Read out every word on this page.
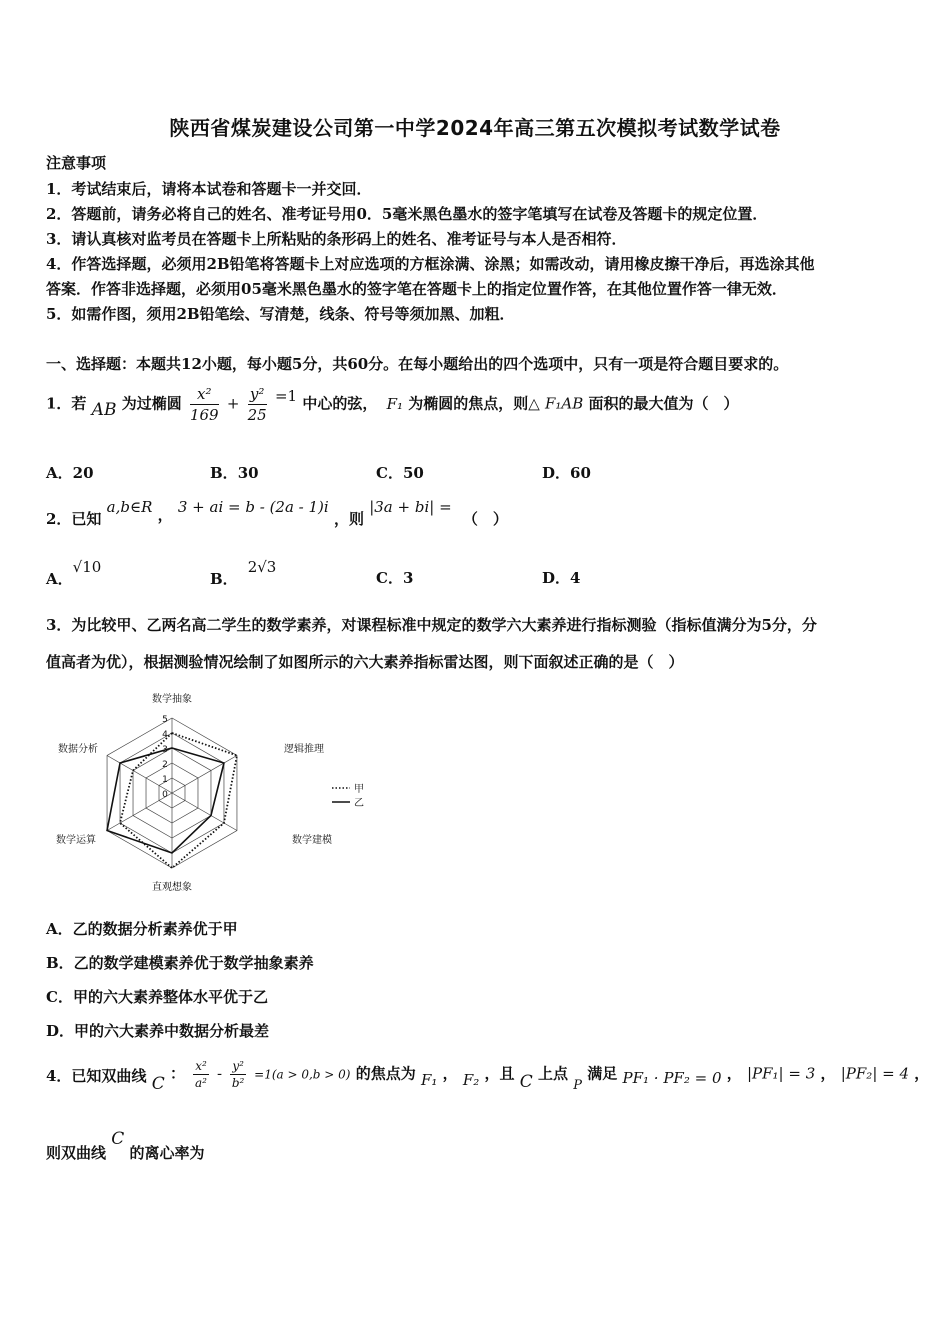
陕西省煤炭建设公司第一中学2024年高三第五次模拟考试数学试卷
注意事项
1．考试结束后，请将本试卷和答题卡一并交回．
2．答题前，请务必将自己的姓名、准考证号用0．5毫米黑色墨水的签字笔填写在试卷及答题卡的规定位置．
3．请认真核对监考员在答题卡上所粘贴的条形码上的姓名、准考证号与本人是否相符．
4．作答选择题，必须用2B铅笔将答题卡上对应选项的方框涂满、涂黑；如需改动，请用橡皮擦干净后，再选涂其他
答案．作答非选择题，必须用05毫米黑色墨水的签字笔在答题卡上的指定位置作答，在其他位置作答一律无效．
5．如需作图，须用2B铅笔绘、写清楚，线条、符号等须加黑、加粗．
一、选择题：本题共12小题，每小题5分，共60分。在每小题给出的四个选项中，只有一项是符合题目要求的。
1．若 AB 为过椭圆 $\frac{\text{x²}}{169} + \frac{\text{y²}}{25} =1$ 中心的弦， F₁ 为椭圆的焦点，则△ F₁AB 面积的最大值为（　）
A．20	B．30	C．50	D．60
2．已知 a,b∈R ， 3 + ai = b - (2a - 1)i ，则 |3a + bi| = （　）
A．√10
B．2√3
C．3	D．4
3．为比较甲、乙两名高二学生的数学素养，对课程标准中规定的数学六大素养进行指标测验（指标值满分为5分，分
值高者为优），根据测验情况绘制了如图所示的六大素养指标雷达图，则下面叙述正确的是（　）
0
1
2
3
4
5
数学抽象
逻辑推理
数学建模
直观想象
数学运算
数据分析
甲
乙
A．乙的数据分析素养优于甲
B．乙的数学建模素养优于数学抽象素养
C．甲的六大素养整体水平优于乙
D．甲的六大素养中数据分析最差
4．已知双曲线 C ： $\frac{\text{x²}}{\text{a²}} - \frac{\text{y²}}{\text{b²}} =1(a > 0,b > 0)$ 的焦点为 F₁ ， F₂ ，且 C 上点 P 满足 PF₁ · PF₂ = 0 ， |PF₁| = 3 ， |PF₂| = 4 ，
则双曲线 C 的离心率为
